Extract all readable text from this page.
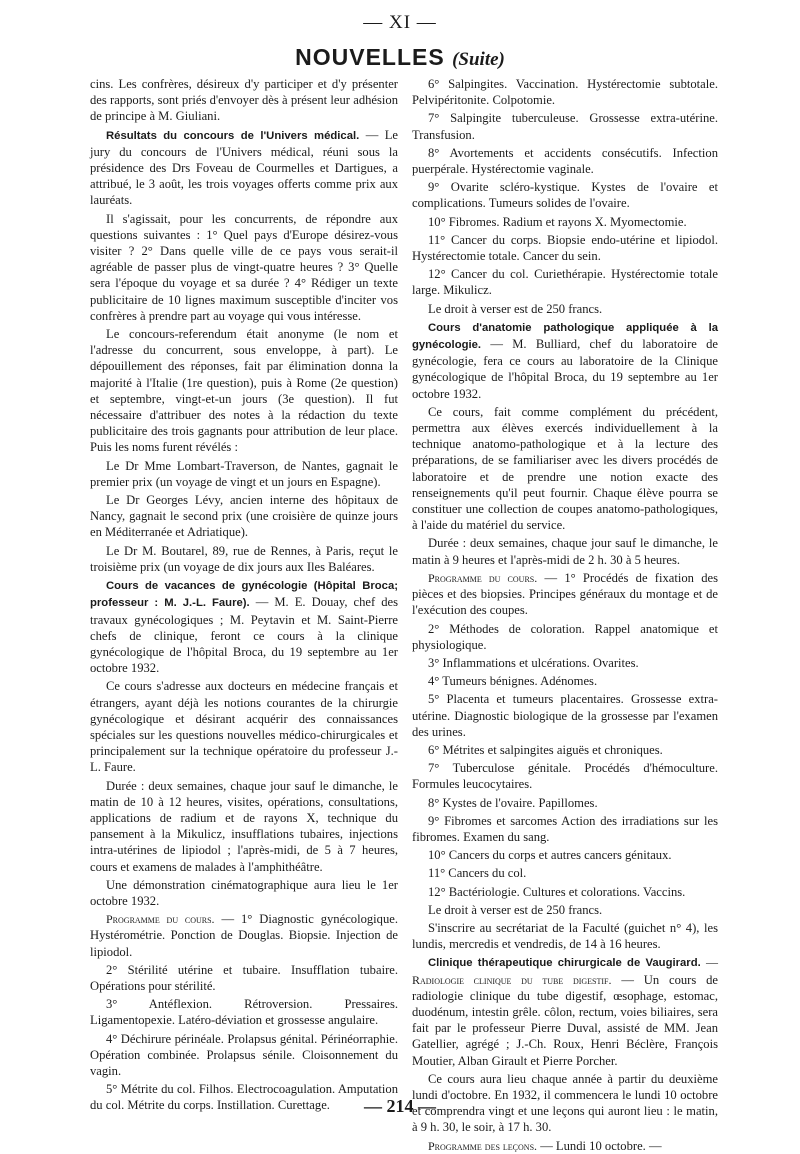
— XI —
NOUVELLES (Suite)

cins. Les confrères, désireux d'y participer et d'y présenter des rapports, sont priés d'envoyer dès à présent leur adhésion de principe à M. Giuliani.

Résultats du concours de l'Univers médical. — Le jury du concours de l'Univers médical, réuni sous la présidence des Drs Foveau de Courmelles et Dartigues, a attribué, le 3 août, les trois voyages offerts comme prix aux lauréats.

Il s'agissait, pour les concurrents, de répondre aux questions suivantes : 1° Quel pays d'Europe désirez-vous visiter ? 2° Dans quelle ville de ce pays vous serait-il agréable de passer plus de vingt-quatre heures ? 3° Quelle sera l'époque du voyage et sa durée ? 4° Rédiger un texte publicitaire de 10 lignes maximum susceptible d'inciter vos confrères à prendre part au voyage qui vous intéresse.

Le concours-referendum était anonyme (le nom et l'adresse du concurrent, sous enveloppe, à part). Le dépouillement des réponses, fait par élimination donna la majorité à l'Italie (1re question), puis à Rome (2e question) et septembre, vingt-et-un jours (3e question). Il fut nécessaire d'attribuer des notes à la rédaction du texte publicitaire des trois gagnants pour attribution de leur place. Puis les noms furent révélés :

Le Dr Mme Lombart-Traverson, de Nantes, gagnait le premier prix (un voyage de vingt et un jours en Espagne).

Le Dr Georges Lévy, ancien interne des hôpitaux de Nancy, gagnait le second prix (une croisière de quinze jours en Méditerranée et Adriatique).

Le Dr M. Boutarel, 89, rue de Rennes, à Paris, reçut le troisième prix (un voyage de dix jours aux Iles Baléares.

Cours de vacances de gynécologie (Hôpital Broca; professeur : M. J.-L. Faure). — M. E. Douay, chef des travaux gynécologiques ; M. Peytavin et M. Saint-Pierre chefs de clinique, feront ce cours à la clinique gynécologique de l'hôpital Broca, du 19 septembre au 1er octobre 1932.

Ce cours s'adresse aux docteurs en médecine français et étrangers, ayant déjà les notions courantes de la chirurgie gynécologique et désirant acquérir des connaissances spéciales sur les questions nouvelles médico-chirurgicales et principalement sur la technique opératoire du professeur J.-L. Faure.

Durée : deux semaines, chaque jour sauf le dimanche, le matin de 10 à 12 heures, visites, opérations, consultations, applications de radium et de rayons X, technique du pansement à la Mikulicz, insufflations tubaires, injections intra-utérines de lipiodol ; l'après-midi, de 5 à 7 heures, cours et examens de malades à l'amphithéâtre.

Une démonstration cinématographique aura lieu le 1er octobre 1932.

Programme du cours. — 1° Diagnostic gynécologique. Hystérométrie. Ponction de Douglas. Biopsie. Injection de lipiodol.

2° Stérilité utérine et tubaire. Insufflation tubaire. Opérations pour stérilité.

3° Antéflexion. Rétroversion. Pressaires. Ligamentopexie. Latéro-déviation et grossesse angulaire.

4° Déchirure périnéale. Prolapsus génital. Périnéorraphie. Opération combinée. Prolapsus sénile. Cloisonnement du vagin.

5° Métrite du col. Filhos. Electrocoagulation. Amputation du col. Métrite du corps. Instillation. Curettage.

6° Salpingites. Vaccination. Hystérectomie subtotale. Pelvipéritonite. Colpotomie.

7° Salpingite tuberculeuse. Grossesse extra-utérine. Transfusion.

8° Avortements et accidents consécutifs. Infection puerpérale. Hystérectomie vaginale.

9° Ovarite scléro-kystique. Kystes de l'ovaire et complications. Tumeurs solides de l'ovaire.

10° Fibromes. Radium et rayons X. Myomectomie.

11° Cancer du corps. Biopsie endo-utérine et lipiodol. Hystérectomie totale. Cancer du sein.

12° Cancer du col. Curiethérapie. Hystérectomie totale large. Mikulicz.

Le droit à verser est de 250 francs.

Cours d'anatomie pathologique appliquée à la gynécologie. — M. Bulliard, chef du laboratoire de gynécologie, fera ce cours au laboratoire de la Clinique gynécologique de l'hôpital Broca, du 19 septembre au 1er octobre 1932.

Ce cours, fait comme complément du précédent, permettra aux élèves exercés individuellement à la technique anatomo-pathologique et à la lecture des préparations, de se familiariser avec les divers procédés de laboratoire et de prendre une notion exacte des renseignements qu'il peut fournir. Chaque élève pourra se constituer une collection de coupes anatomo-pathologiques, à l'aide du matériel du service.

Durée : deux semaines, chaque jour sauf le dimanche, le matin à 9 heures et l'après-midi de 2 h. 30 à 5 heures.

Programme du cours. — 1° Procédés de fixation des pièces et des biopsies. Principes généraux du montage et de l'exécution des coupes.

2° Méthodes de coloration. Rappel anatomique et physiologique.

3° Inflammations et ulcérations. Ovarites.

4° Tumeurs bénignes. Adénomes.

5° Placenta et tumeurs placentaires. Grossesse extra-utérine. Diagnostic biologique de la grossesse par l'examen des urines.

6° Métrites et salpingites aiguës et chroniques.

7° Tuberculose génitale. Procédés d'hémoculture. Formules leucocytaires.

8° Kystes de l'ovaire. Papillomes.

9° Fibromes et sarcomes Action des irradiations sur les fibromes. Examen du sang.

10° Cancers du corps et autres cancers génitaux.

11° Cancers du col.

12° Bactériologie. Cultures et colorations. Vaccins.

Le droit à verser est de 250 francs.

S'inscrire au secrétariat de la Faculté (guichet n° 4), les lundis, mercredis et vendredis, de 14 à 16 heures.

Clinique thérapeutique chirurgicale de Vaugirard. — Radiologie clinique du tube digestif. — Un cours de radiologie clinique du tube digestif, œsophage, estomac, duodénum, intestin grêle. côlon, rectum, voies biliaires, sera fait par le professeur Pierre Duval, assisté de MM. Jean Gatellier, agrégé ; J.-Ch. Roux, Henri Béclère, François Moutier, Alban Girault et Pierre Porcher.

Ce cours aura lieu chaque année à partir du deuxième lundi d'octobre. En 1932, il commencera le lundi 10 octobre et comprendra vingt et une leçons qui auront lieu : le matin, à 9 h. 30, le soir, à 17 h. 30.

Programme des leçons. — Lundi 10 octobre. —

— 214 —
